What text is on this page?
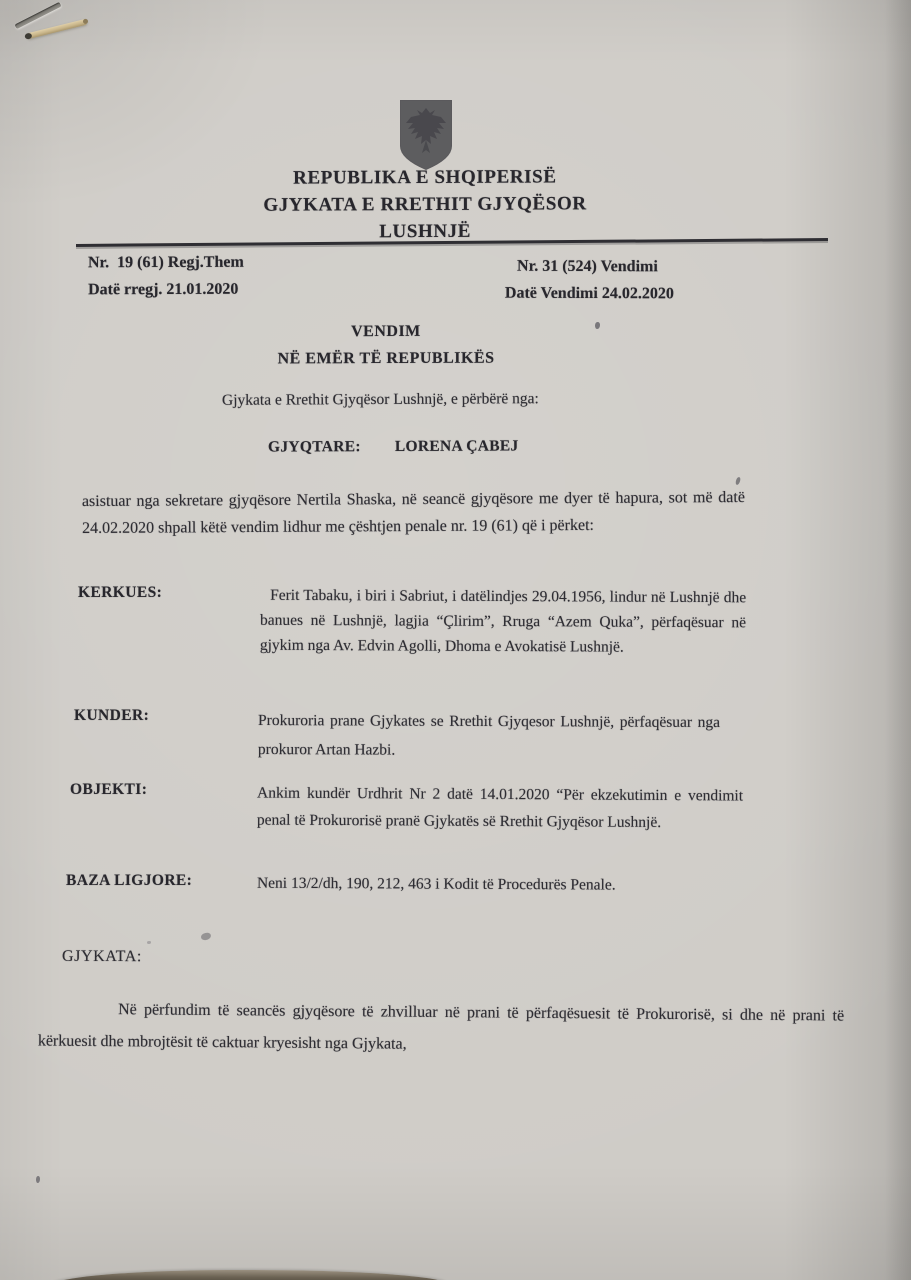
REPUBLIKA E SHQIPERISË
GJYKATA E RRETHIT GJYQËSOR
LUSHNJË
Nr.  19 (61) Regj.Them
Datë rregj. 21.01.2020
Nr. 31 (524) Vendimi
Datë Vendimi 24.02.2020
VENDIM
NË EMËR TË REPUBLIKËS
Gjykata e Rrethit Gjyqësor Lushnjë, e përbërë nga:
GJYQTARE: LORENA ÇABEJ
asistuar nga sekretare gjyqësore Nertila Shaska, në seancë gjyqësore me dyer të hapura, sot më datë 24.02.2020 shpall këtë vendim lidhur me çështjen penale nr. 19 (61) që i përket:
KERKUES:	Ferit Tabaku, i biri i Sabriut, i datëlindjes 29.04.1956, lindur në Lushnjë dhe banues në Lushnjë, lagjia “Çlirim”, Rruga “Azem Quka”, përfaqësuar në gjykim nga Av. Edvin Agolli, Dhoma e Avokatisë Lushnjë.
KUNDER:	Prokuroria prane Gjykates se Rrethit Gjyqesor Lushnjë, përfaqësuar nga prokuror Artan Hazbi.
OBJEKTI:	Ankim kundër Urdhrit Nr 2 datë 14.01.2020 “Për ekzekutimin e vendimit penal të Prokurorisë pranë Gjykatës së Rrethit Gjyqësor Lushnjë.
BAZA LIGJORE:	Neni 13/2/dh, 190, 212, 463 i Kodit të Procedurës Penale.
GJYKATA:
Në përfundim të seancës gjyqësore të zhvilluar në prani të përfaqësuesit të Prokurorisë, si dhe në prani të kërkuesit dhe mbrojtësit të caktuar kryesisht nga Gjykata,
